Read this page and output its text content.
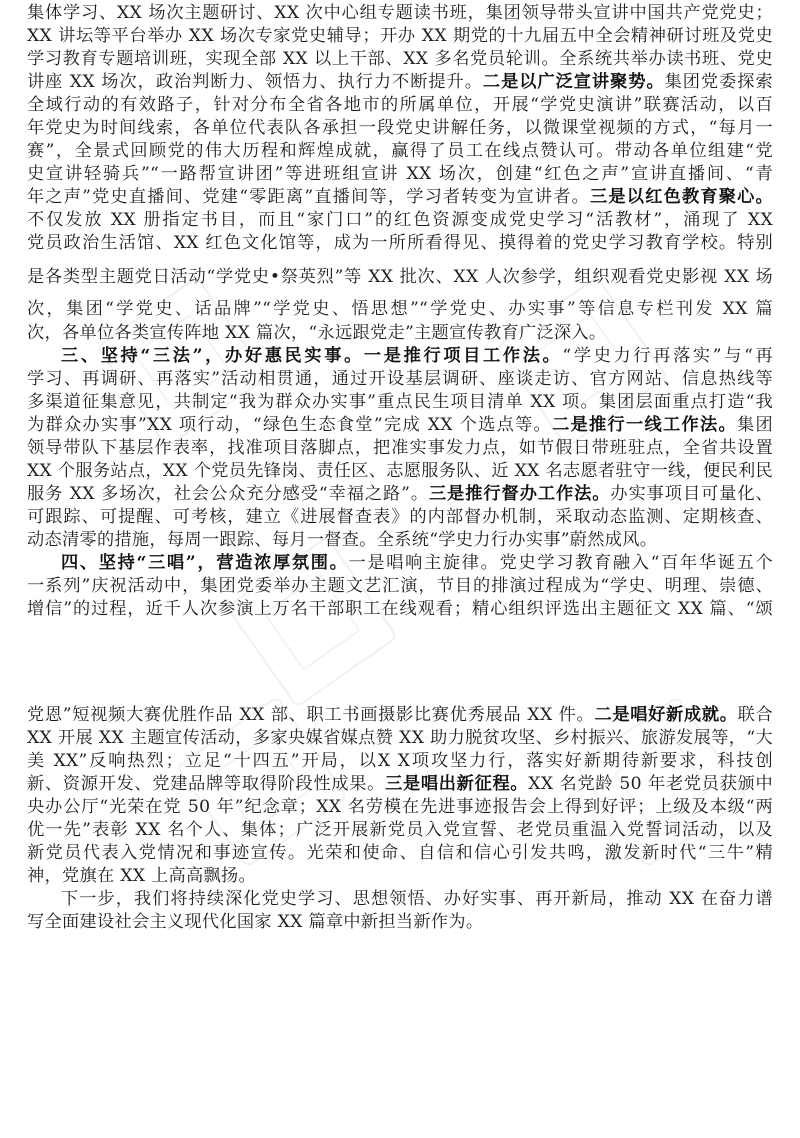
集体学习、XX 场次主题研讨、XX 次中心组专题读书班，集团领导带头宣讲中国共产党党史；
XX 讲坛等平台举办 XX 场次专家党史辅导；开办 XX 期党的十九届五中全会精神研讨班及党史
学习教育专题培训班，实现全部 XX 以上干部、XX 多名党员轮训。全系统共举办读书班、党史
讲座 XX 场次，政治判断力、领悟力、执行力不断提升。二是以广泛宣讲聚势。集团党委探索
全域行动的有效路子，针对分布全省各地市的所属单位，开展“学党史演讲”联赛活动，以百
年党史为时间线索，各单位代表队各承担一段党史讲解任务，以微课堂视频的方式，“每月一
赛”，全景式回顾党的伟大历程和辉煌成就，赢得了员工在线点赞认可。带动各单位组建“党
史宣讲轻骑兵”“一路帮宣讲团”等进班组宣讲 XX 场次，创建“红色之声”宣讲直播间、“青
年之声”党史直播间、党建“零距离”直播间等，学习者转变为宣讲者。三是以红色教育聚心。
不仅发放 XX 册指定书目，而且“家门口”的红色资源变成党史学习“活教材”，涌现了 XX
党员政治生活馆、XX 红色文化馆等，成为一所所看得见、摸得着的党史学习教育学校。特别
是各类型主题党日活动“学党史•祭英烈”等 XX 批次、XX 人次参学，组织观看党史影视 XX 场
次，集团“学党史、话品牌”“学党史、悟思想”“学党史、办实事”等信息专栏刊发 XX 篇
次，各单位各类宣传阵地 XX 篇次，“永远跟党走”主题宣传教育广泛深入。
三、坚持“三法”，办好惠民实事。一是推行项目工作法。“学史力行再落实”与“再
学习、再调研、再落实”活动相贯通，通过开设基层调研、座谈走访、官方网站、信息热线等
多渠道征集意见，共制定“我为群众办实事”重点民生项目清单 XX 项。集团层面重点打造“我
为群众办实事”XX 项行动，“绿色生态食堂”完成 XX 个选点等。二是推行一线工作法。集团
领导带队下基层作表率，找准项目落脚点，把准实事发力点，如节假日带班驻点，全省共设置
XX 个服务站点，XX 个党员先锋岗、责任区、志愿服务队、近 XX 名志愿者驻守一线，便民利民
服务 XX 多场次，社会公众充分感受“幸福之路”。三是推行督办工作法。办实事项目可量化、
可跟踪、可提醒、可考核，建立《进展督查表》的内部督办机制，采取动态监测、定期核查、
动态清零的措施，每周一跟踪、每月一督查。全系统“学史力行办实事”蔚然成风。
四、坚持“三唱”，营造浓厚氛围。一是唱响主旋律。党史学习教育融入“百年华诞五个
一系列”庆祝活动中，集团党委举办主题文艺汇演，节目的排演过程成为“学史、明理、崇德、
增信”的过程，近千人次参演上万名干部职工在线观看；精心组织评选出主题征文 XX 篇、“颂
党恩”短视频大赛优胜作品 XX 部、职工书画摄影比赛优秀展品 XX 件。二是唱好新成就。联合
XX 开展 XX 主题宣传活动，多家央媒省媒点赞 XX 助力脱贫攻坚、乡村振兴、旅游发展等，“大
美 XX”反响热烈；立足“十四五”开局，以X X项攻坚力行，落实好新期待新要求，科技创
新、资源开发、党建品牌等取得阶段性成果。三是唱出新征程。XX 名党龄 50 年老党员获颁中
央办公厅“光荣在党 50 年”纪念章；XX 名劳模在先进事迹报告会上得到好评；上级及本级“两
优一先”表彰 XX 名个人、集体；广泛开展新党员入党宣誓、老党员重温入党誓词活动，以及
新党员代表入党情况和事迹宣传。光荣和使命、自信和信心引发共鸣，激发新时代“三牛”精
神，党旗在 XX 上高高飘扬。
下一步，我们将持续深化党史学习、思想领悟、办好实事、再开新局，推动 XX 在奋力谱
写全面建设社会主义现代化国家 XX 篇章中新担当新作为。
